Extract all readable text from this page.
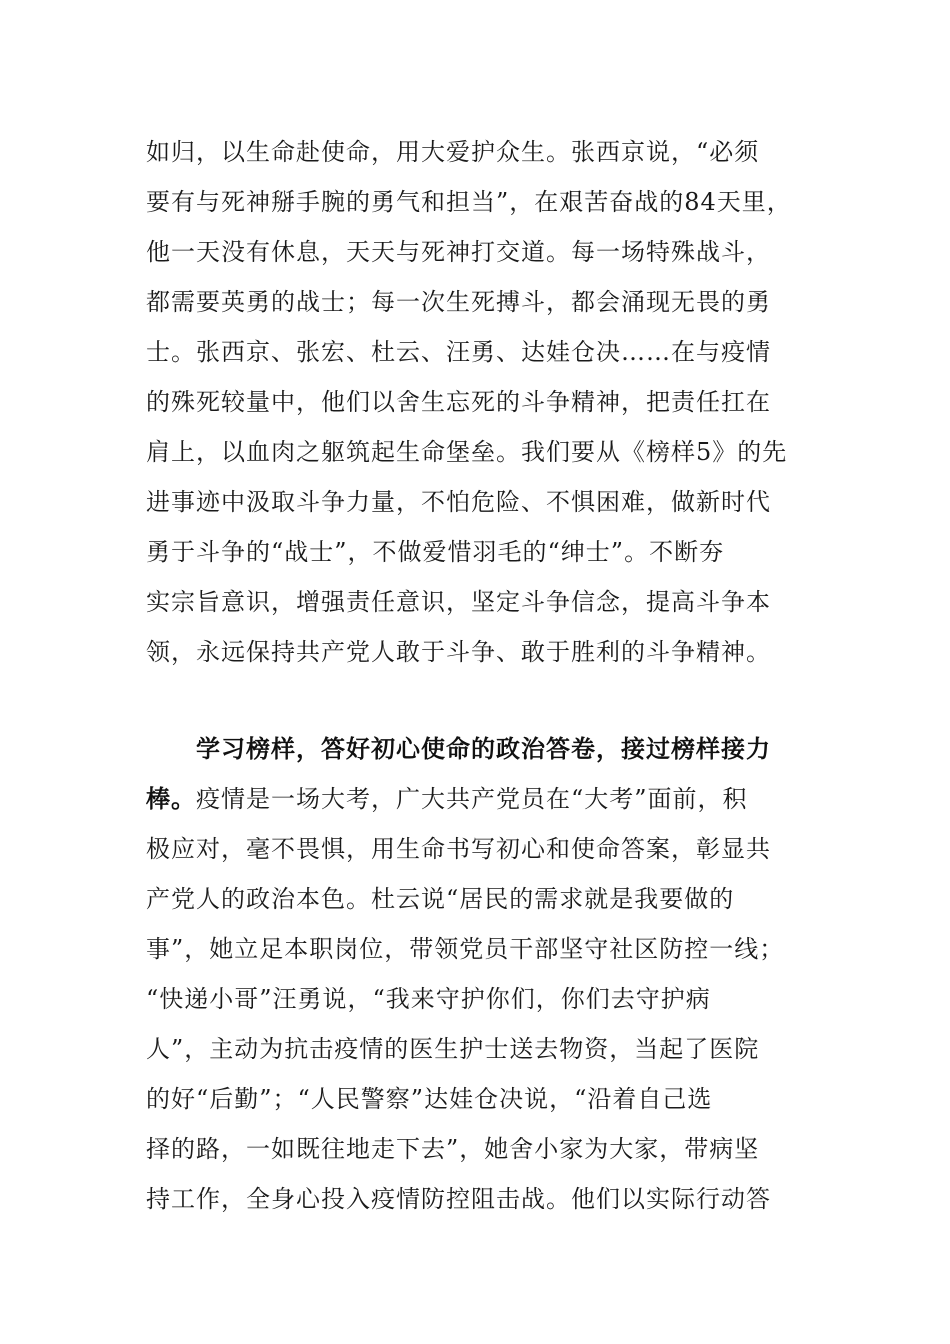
如归，以生命赴使命，用大爱护众生。张西京说，“必须
要有与死神掰手腕的勇气和担当”，在艰苦奋战的84天里，
他一天没有休息，天天与死神打交道。每一场特殊战斗，
都需要英勇的战士；每一次生死搏斗，都会涌现无畏的勇
士。张西京、张宏、杜云、汪勇、达娃仓决……在与疫情
的殊死较量中，他们以舍生忘死的斗争精神，把责任扛在
肩上，以血肉之躯筑起生命堡垒。我们要从《榜样5》的先
进事迹中汲取斗争力量，不怕危险、不惧困难，做新时代
勇于斗争的“战士”，不做爱惜羽毛的“绅士”。不断夯
实宗旨意识，增强责任意识，坚定斗争信念，提高斗争本
领，永远保持共产党人敢于斗争、敢于胜利的斗争精神。
学习榜样，答好初心使命的政治答卷，接过榜样接力
棒。疫情是一场大考，广大共产党员在“大考”面前，积
极应对，毫不畏惧，用生命书写初心和使命答案，彰显共
产党人的政治本色。杜云说“居民的需求就是我要做的
事”，她立足本职岗位，带领党员干部坚守社区防控一线；
“快递小哥”汪勇说，“我来守护你们，你们去守护病
人”，主动为抗击疫情的医生护士送去物资，当起了医院
的好“后勤”；“人民警察”达娃仓决说，“沿着自己选
择的路，一如既往地走下去”，她舍小家为大家，带病坚
持工作，全身心投入疫情防控阻击战。他们以实际行动答
